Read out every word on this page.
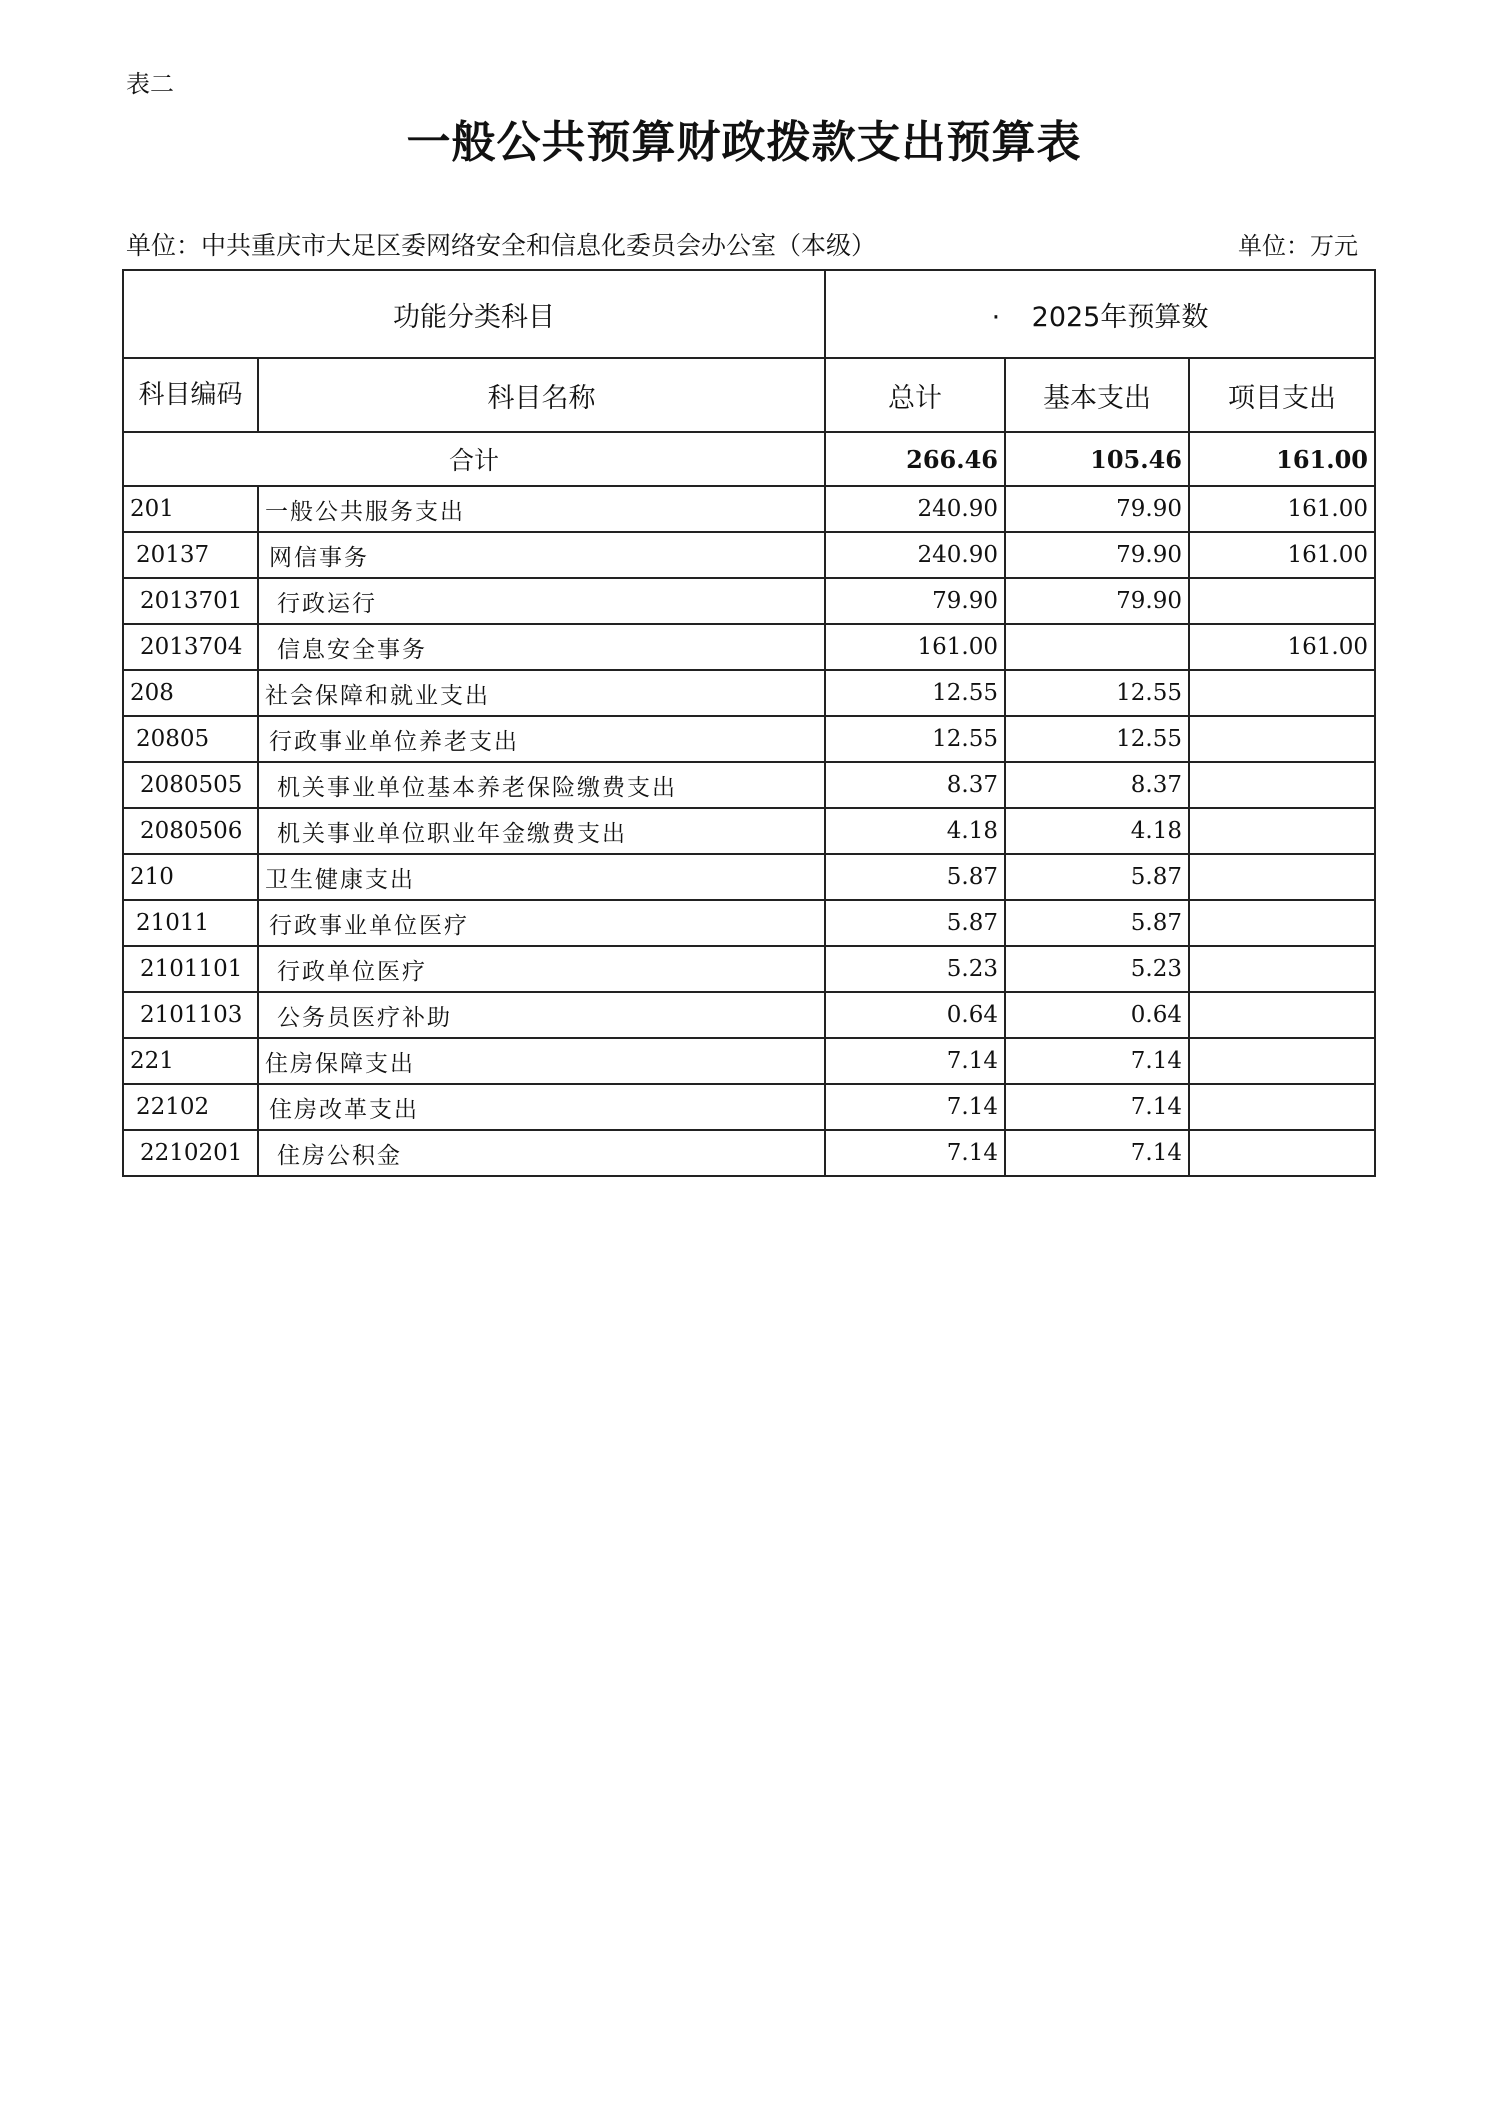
表二
一般公共预算财政拨款支出预算表
单位：中共重庆市大足区委网络安全和信息化委员会办公室（本级）	单位：万元
功能分类科目		· 2025年预算数		
科目编码	科目名称	总计	基本支出	项目支出
合计		266.46	105.46	161.00
201	一般公共服务支出	240.90	79.90	161.00
20137	网信事务	240.90	79.90	161.00
2013701	行政运行	79.90	79.90	
2013704	信息安全事务	161.00		161.00
208	社会保障和就业支出	12.55	12.55	
20805	行政事业单位养老支出	12.55	12.55	
2080505	机关事业单位基本养老保险缴费支出	8.37	8.37	
2080506	机关事业单位职业年金缴费支出	4.18	4.18	
210	卫生健康支出	5.87	5.87	
21011	行政事业单位医疗	5.87	5.87	
2101101	行政单位医疗	5.23	5.23	
2101103	公务员医疗补助	0.64	0.64	
221	住房保障支出	7.14	7.14	
22102	住房改革支出	7.14	7.14	
2210201	住房公积金	7.14	7.14	
